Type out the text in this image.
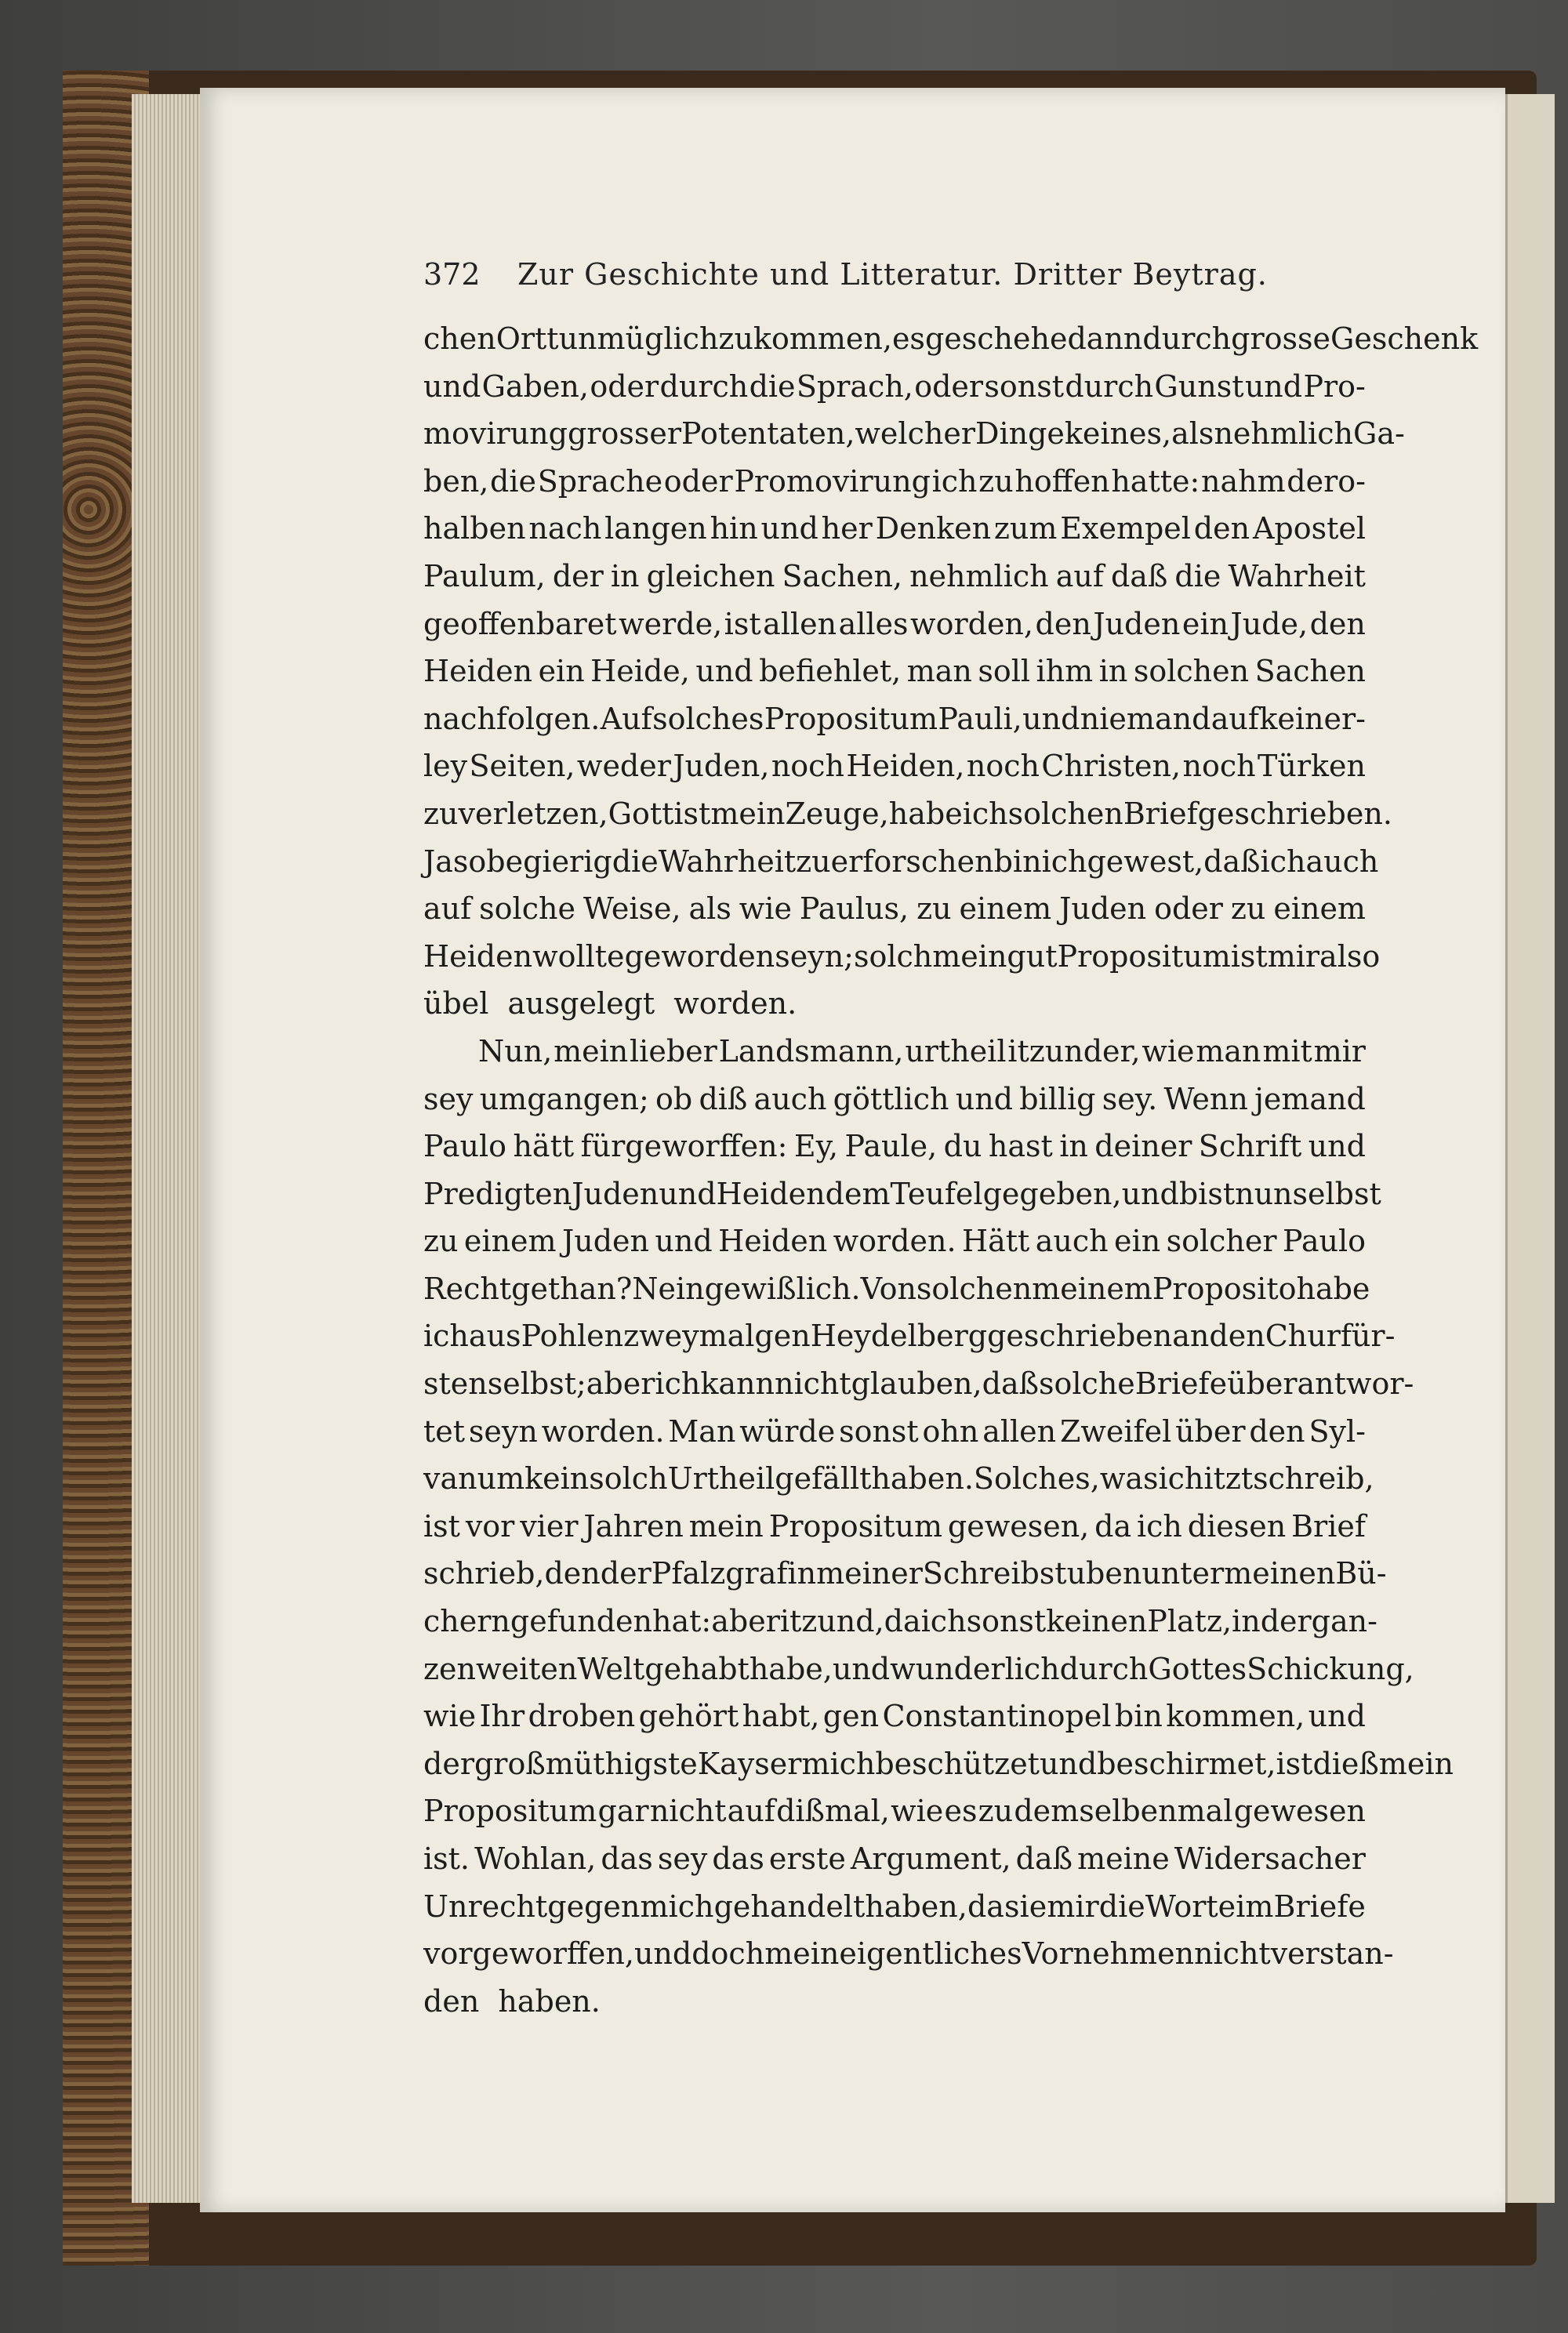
372 Zur Geschichte und Litteratur. Dritter Beytrag.
chen Ortt unmüglich zu kommen, es geschehe dann durch grosse Geschenk
und Gaben, oder durch die Sprach, oder sonst durch Gunst und Pro-
movirung grosser Potentaten, welcher Dinge keines, als nehmlich Ga-
ben, die Sprache oder Promovirung ich zu hoffen hatte: nahm dero-
halben nach langen hin und her Denken zum Exempel den Apostel
Paulum, der in gleichen Sachen, nehmlich auf daß die Wahrheit
geoffenbaret werde, ist allen alles worden, den Juden ein Jude, den
Heiden ein Heide, und befiehlet, man soll ihm in solchen Sachen
nachfolgen. Auf solches Propositum Pauli, und niemand auf keiner-
ley Seiten, weder Juden, noch Heiden, noch Christen, noch Türken
zu verletzen, Gott ist mein Zeuge, habe ich solchen Brief geschrieben.
Ja so begierig die Wahrheit zu erforschen bin ich gewest, daß ich auch
auf solche Weise, als wie Paulus, zu einem Juden oder zu einem
Heiden wollte geworden seyn; solch mein gut Propositum ist mir also
übel ausgelegt worden.
Nun, mein lieber Landsmann, urtheil itzunder, wie man mit mir
sey umgangen; ob diß auch göttlich und billig sey. Wenn jemand
Paulo hätt fürgeworffen: Ey, Paule, du hast in deiner Schrift und
Predigten Juden und Heiden dem Teufel gegeben, und bist nun selbst
zu einem Juden und Heiden worden. Hätt auch ein solcher Paulo
Recht gethan? Nein gewißlich. Von solchen meinem Proposito habe
ich aus Pohlen zweymal gen Heydelberg geschrieben an den Churfür-
sten selbst; aber ich kann nicht glauben, daß solche Briefe überantwor-
tet seyn worden. Man würde sonst ohn allen Zweifel über den Syl-
vanum kein solch Urtheil gefällt haben. Solches, was ich itzt schreib,
ist vor vier Jahren mein Propositum gewesen, da ich diesen Brief
schrieb, den der Pfalzgraf in meiner Schreibstuben unter meinen Bü-
chern gefunden hat: aber itzund, da ich sonst keinen Platz, in der gan-
zen weiten Welt gehabt habe, und wunderlich durch Gottes Schickung,
wie Ihr droben gehört habt, gen Constantinopel bin kommen, und
der großmüthigste Kayser mich beschützet und beschirmet, ist dieß mein
Propositum gar nicht auf dißmal, wie es zu demselbenmal gewesen
ist. Wohlan, das sey das erste Argument, daß meine Widersacher
Unrecht gegen mich gehandelt haben, da sie mir die Worte im Briefe
vorgeworffen, und doch mein eigentliches Vornehmen nicht verstan-
den haben.
